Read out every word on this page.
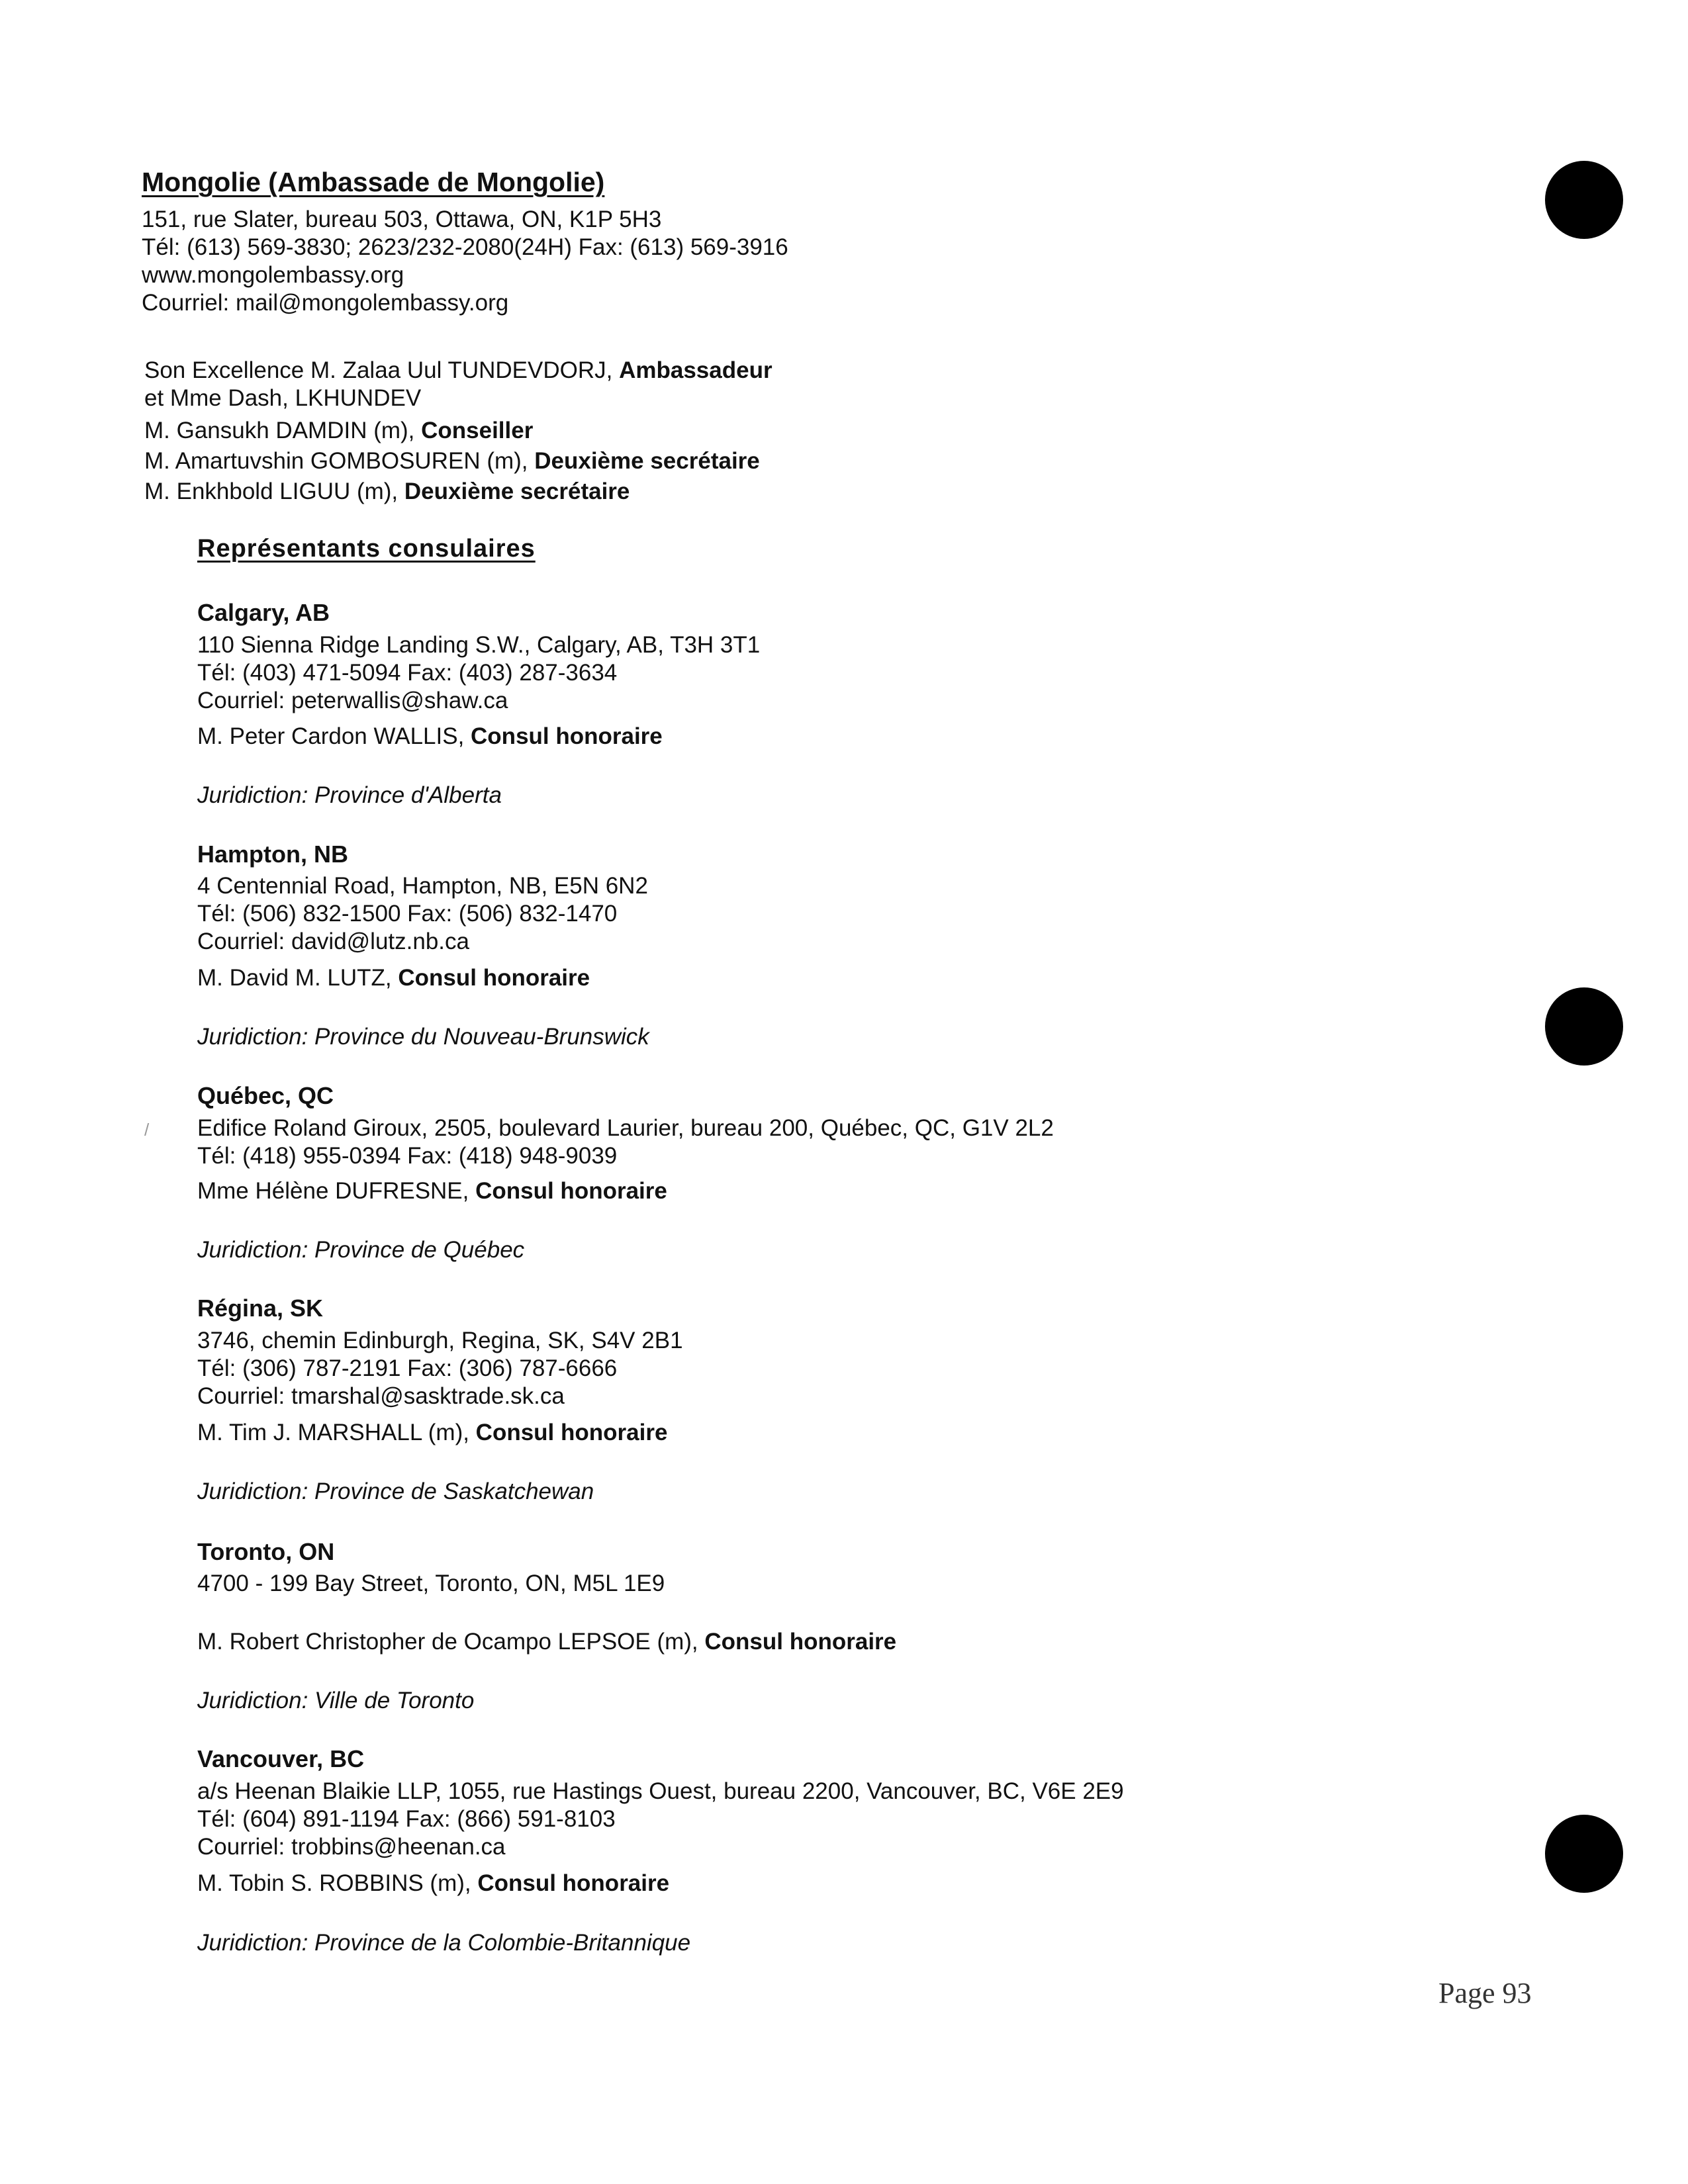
Mongolie (Ambassade de Mongolie)
151, rue Slater, bureau 503, Ottawa, ON, K1P 5H3
Tél: (613) 569-3830; 2623/232-2080(24H) Fax: (613) 569-3916
www.mongolembassy.org
Courriel: mail@mongolembassy.org
Son Excellence M. Zalaa Uul TUNDEVDORJ, Ambassadeur
et Mme Dash, LKHUNDEV
M. Gansukh DAMDIN (m), Conseiller
M. Amartuvshin GOMBOSUREN (m), Deuxième secrétaire
M. Enkhbold LIGUU (m), Deuxième secrétaire
Représentants consulaires
Calgary, AB
110 Sienna Ridge Landing S.W., Calgary, AB, T3H 3T1
Tél: (403) 471-5094 Fax: (403) 287-3634
Courriel: peterwallis@shaw.ca
M. Peter Cardon WALLIS, Consul honoraire
Juridiction: Province d'Alberta
Hampton, NB
4 Centennial Road, Hampton, NB, E5N 6N2
Tél: (506) 832-1500 Fax: (506) 832-1470
Courriel: david@lutz.nb.ca
M. David M. LUTZ, Consul honoraire
Juridiction: Province du Nouveau-Brunswick
Québec, QC
/ Edifice Roland Giroux, 2505, boulevard Laurier, bureau 200, Québec, QC, G1V 2L2
Tél: (418) 955-0394 Fax: (418) 948-9039
Mme Hélène DUFRESNE, Consul honoraire
Juridiction: Province de Québec
Régina, SK
3746, chemin Edinburgh, Regina, SK, S4V 2B1
Tél: (306) 787-2191 Fax: (306) 787-6666
Courriel: tmarshal@sasktrade.sk.ca
M. Tim J. MARSHALL (m), Consul honoraire
Juridiction: Province de Saskatchewan
Toronto, ON
4700 - 199 Bay Street, Toronto, ON, M5L 1E9
M. Robert Christopher de Ocampo LEPSOE (m), Consul honoraire
Juridiction: Ville de Toronto
Vancouver, BC
a/s Heenan Blaikie LLP, 1055, rue Hastings Ouest, bureau 2200, Vancouver, BC, V6E 2E9
Tél: (604) 891-1194 Fax: (866) 591-8103
Courriel: trobbins@heenan.ca
M. Tobin S. ROBBINS (m), Consul honoraire
Juridiction: Province de la Colombie-Britannique
Page 93
